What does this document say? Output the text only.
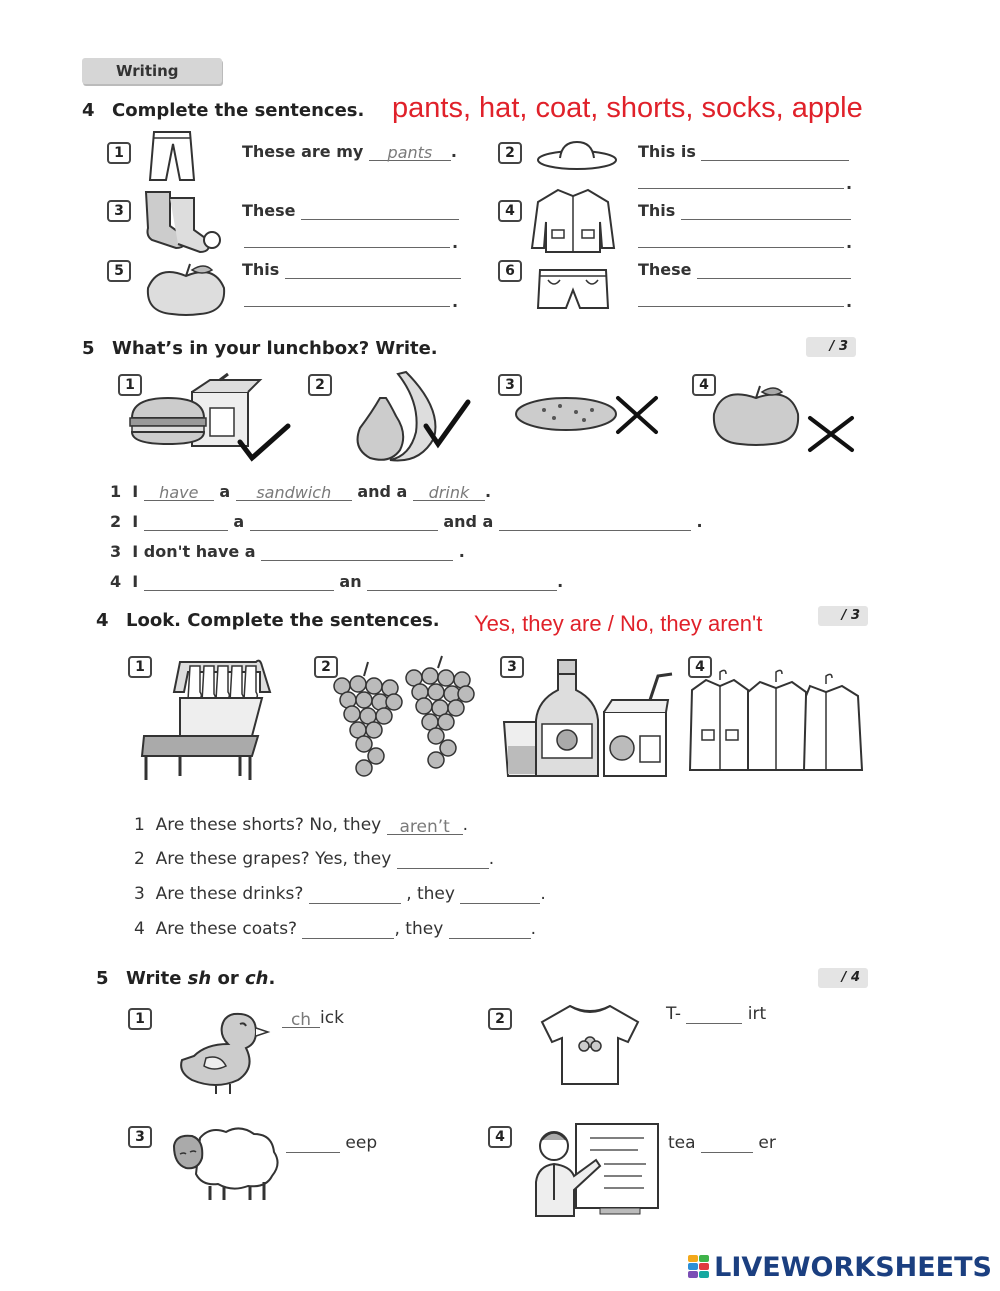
Writing
4 Complete the sentences. pants, hat, coat, shorts, socks, apple
1	These are my pants .	2	This is
.
3	These
.
4	This
.
5	This
.
6	These
.
5 What’s in your lunchbox? Write.	/ 3
1	2	3	4
1 I have a sandwich and a drink .
2 I	a	and a	.
3 I don't have a	.
4 I	an	.
4 Look. Complete the sentences.	/ 3
Yes, they are / No, they aren't
1	2	3	4
1 Are these shorts? No, they aren’t .
2 Are these grapes? Yes, they	.
3 Are these drinks?	, they	.
4 Are these coats?	, they	.
5 Write sh or ch.	/ 4
1	ch ick	2	T-	irt
3	eep	4	tea	er
LIVEWORKSHEETS
